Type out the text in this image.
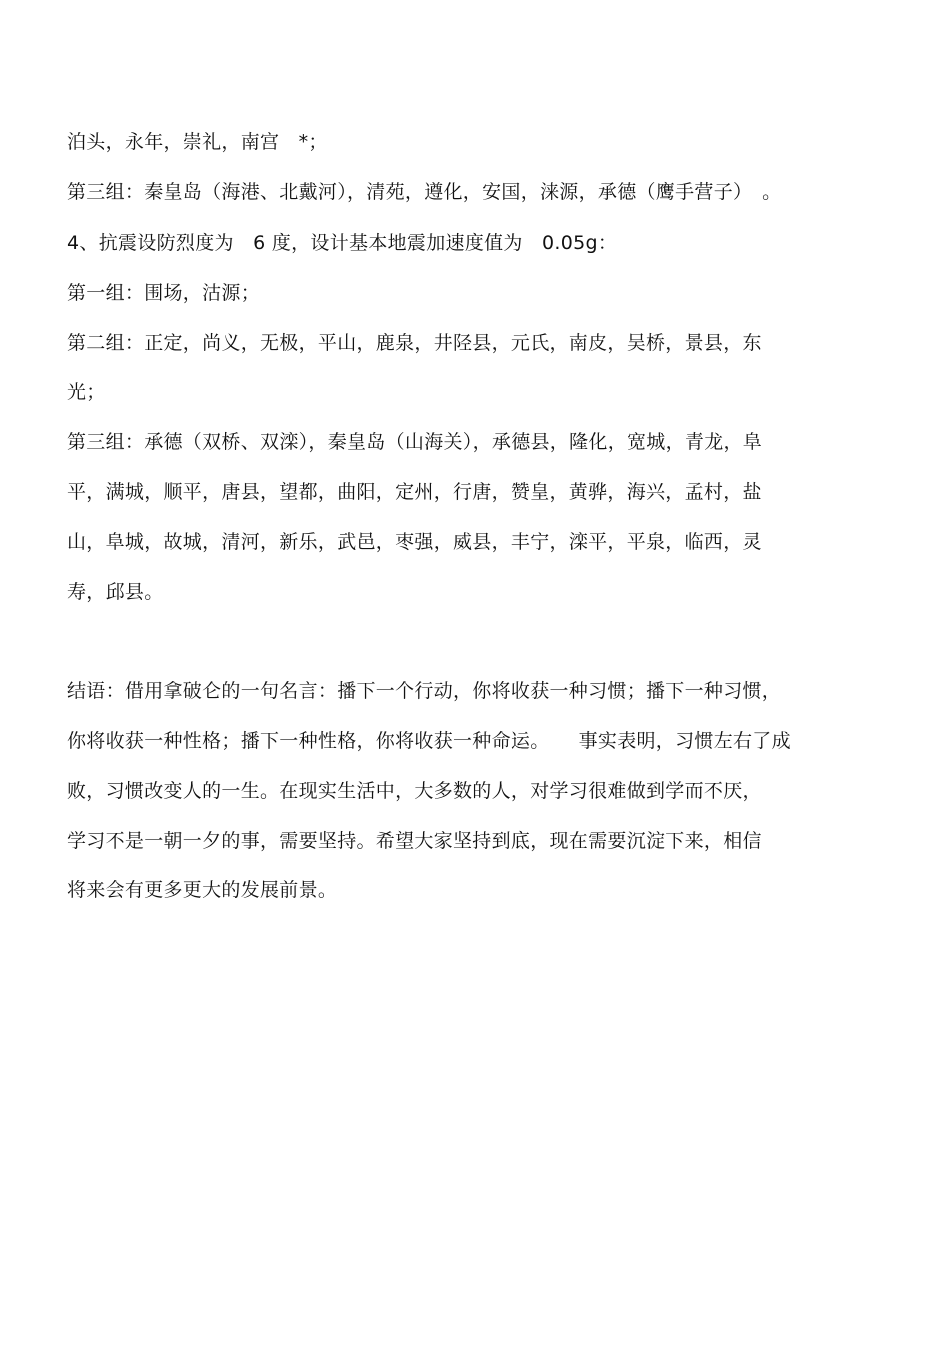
泊头，永年，崇礼，南宫　*；
第三组：秦皇岛（海港、北戴河），清苑，遵化，安国，涞源，承德（鹰手营子）　。
4、抗震设防烈度为　6 度，设计基本地震加速度值为　0.05g：
第一组：围场，沽源；
第二组：正定，尚义，无极，平山，鹿泉，井陉县，元氏，南皮，吴桥，景县，东
光；
第三组：承德（双桥、双滦），秦皇岛（山海关），承德县，隆化，宽城，青龙，阜
平，满城，顺平，唐县，望都，曲阳，定州，行唐，赞皇，黄骅，海兴，孟村，盐
山，阜城，故城，清河，新乐，武邑，枣强，威县，丰宁，滦平，平泉，临西，灵
寿，邱县。
结语：借用拿破仑的一句名言：播下一个行动，你将收获一种习惯；播下一种习惯，
你将收获一种性格；播下一种性格，你将收获一种命运。　　事实表明，习惯左右了成
败，习惯改变人的一生。在现实生活中，大多数的人，对学习很难做到学而不厌，
学习不是一朝一夕的事，需要坚持。希望大家坚持到底，现在需要沉淀下来，相信
将来会有更多更大的发展前景。
